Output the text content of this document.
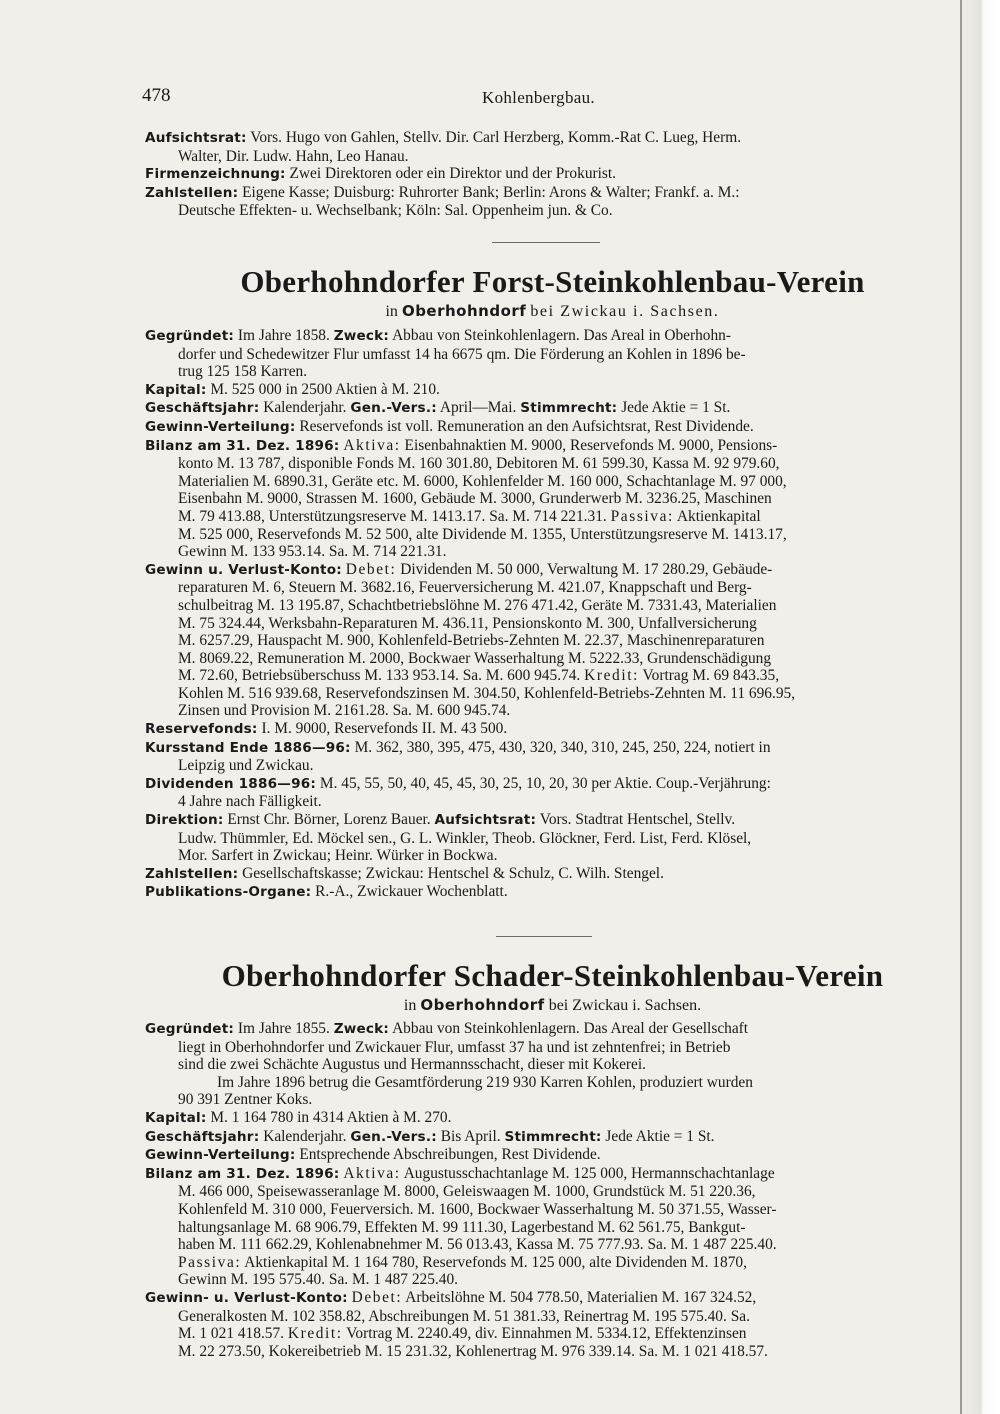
478	Kohlenbergbau.

Aufsichtsrat: Vors. Hugo von Gahlen, Stellv. Dir. Carl Herzberg, Komm.-Rat C. Lueg, Herm.

Walter, Dir. Ludw. Hahn, Leo Hanau.

Firmenzeichnung: Zwei Direktoren oder ein Direktor und der Prokurist.

Zahlstellen: Eigene Kasse; Duisburg: Ruhrorter Bank; Berlin: Arons & Walter; Frankf. a. M.:

Deutsche Effekten- u. Wechselbank; Köln: Sal. Oppenheim jun. & Co.

Oberhohndorfer Forst-Steinkohlenbau-Verein
in Oberhohndorf bei Zwickau i. Sachsen.

Gegründet: Im Jahre 1858. Zweck: Abbau von Steinkohlenlagern. Das Areal in Oberhohn-

dorfer und Schedewitzer Flur umfasst 14 ha 6675 qm. Die Förderung an Kohlen in 1896 be-

trug 125 158 Karren.

Kapital: M. 525 000 in 2500 Aktien à M. 210.

Geschäftsjahr: Kalenderjahr. Gen.-Vers.: April—Mai. Stimmrecht: Jede Aktie = 1 St.

Gewinn-Verteilung: Reservefonds ist voll. Remuneration an den Aufsichtsrat, Rest Dividende.

Bilanz am 31. Dez. 1896: Aktiva: Eisenbahnaktien M. 9000, Reservefonds M. 9000, Pensions-

konto M. 13 787, disponible Fonds M. 160 301.80, Debitoren M. 61 599.30, Kassa M. 92 979.60,

Materialien M. 6890.31, Geräte etc. M. 6000, Kohlenfelder M. 160 000, Schachtanlage M. 97 000,

Eisenbahn M. 9000, Strassen M. 1600, Gebäude M. 3000, Grunderwerb M. 3236.25, Maschinen

M. 79 413.88, Unterstützungsreserve M. 1413.17. Sa. M. 714 221.31. Passiva: Aktienkapital

M. 525 000, Reservefonds M. 52 500, alte Dividende M. 1355, Unterstützungsreserve M. 1413.17,

Gewinn M. 133 953.14. Sa. M. 714 221.31.

Gewinn u. Verlust-Konto: Debet: Dividenden M. 50 000, Verwaltung M. 17 280.29, Gebäude-

reparaturen M. 6, Steuern M. 3682.16, Feuerversicherung M. 421.07, Knappschaft und Berg-

schulbeitrag M. 13 195.87, Schachtbetriebslöhne M. 276 471.42, Geräte M. 7331.43, Materialien

M. 75 324.44, Werksbahn-Reparaturen M. 436.11, Pensionskonto M. 300, Unfallversicherung

M. 6257.29, Hauspacht M. 900, Kohlenfeld-Betriebs-Zehnten M. 22.37, Maschinenreparaturen

M. 8069.22, Remuneration M. 2000, Bockwaer Wasserhaltung M. 5222.33, Grundenschädigung

M. 72.60, Betriebsüberschuss M. 133 953.14. Sa. M. 600 945.74. Kredit: Vortrag M. 69 843.35,

Kohlen M. 516 939.68, Reservefondszinsen M. 304.50, Kohlenfeld-Betriebs-Zehnten M. 11 696.95,

Zinsen und Provision M. 2161.28. Sa. M. 600 945.74.

Reservefonds: I. M. 9000, Reservefonds II. M. 43 500.

Kursstand Ende 1886—96: M. 362, 380, 395, 475, 430, 320, 340, 310, 245, 250, 224, notiert in

Leipzig und Zwickau.

Dividenden 1886—96: M. 45, 55, 50, 40, 45, 45, 30, 25, 10, 20, 30 per Aktie. Coup.-Verjährung:

4 Jahre nach Fälligkeit.

Direktion: Ernst Chr. Börner, Lorenz Bauer. Aufsichtsrat: Vors. Stadtrat Hentschel, Stellv.

Ludw. Thümmler, Ed. Möckel sen., G. L. Winkler, Theob. Glöckner, Ferd. List, Ferd. Klösel,

Mor. Sarfert in Zwickau; Heinr. Würker in Bockwa.

Zahlstellen: Gesellschaftskasse; Zwickau: Hentschel & Schulz, C. Wilh. Stengel.

Publikations-Organe: R.-A., Zwickauer Wochenblatt.

Oberhohndorfer Schader-Steinkohlenbau-Verein
in Oberhohndorf bei Zwickau i. Sachsen.

Gegründet: Im Jahre 1855. Zweck: Abbau von Steinkohlenlagern. Das Areal der Gesellschaft

liegt in Oberhohndorfer und Zwickauer Flur, umfasst 37 ha und ist zehntenfrei; in Betrieb

sind die zwei Schächte Augustus und Hermannsschacht, dieser mit Kokerei.

Im Jahre 1896 betrug die Gesamtförderung 219 930 Karren Kohlen, produziert wurden

90 391 Zentner Koks.

Kapital: M. 1 164 780 in 4314 Aktien à M. 270.

Geschäftsjahr: Kalenderjahr. Gen.-Vers.: Bis April. Stimmrecht: Jede Aktie = 1 St.

Gewinn-Verteilung: Entsprechende Abschreibungen, Rest Dividende.

Bilanz am 31. Dez. 1896: Aktiva: Augustusschachtanlage M. 125 000, Hermannschachtanlage

M. 466 000, Speisewasseranlage M. 8000, Geleiswaagen M. 1000, Grundstück M. 51 220.36,

Kohlenfeld M. 310 000, Feuerversich. M. 1600, Bockwaer Wasserhaltung M. 50 371.55, Wasser-

haltungsanlage M. 68 906.79, Effekten M. 99 111.30, Lagerbestand M. 62 561.75, Bankgut-

haben M. 111 662.29, Kohlenabnehmer M. 56 013.43, Kassa M. 75 777.93. Sa. M. 1 487 225.40.

Passiva: Aktienkapital M. 1 164 780, Reservefonds M. 125 000, alte Dividenden M. 1870,

Gewinn M. 195 575.40. Sa. M. 1 487 225.40.

Gewinn- u. Verlust-Konto: Debet: Arbeitslöhne M. 504 778.50, Materialien M. 167 324.52,

Generalkosten M. 102 358.82, Abschreibungen M. 51 381.33, Reinertrag M. 195 575.40. Sa.

M. 1 021 418.57. Kredit: Vortrag M. 2240.49, div. Einnahmen M. 5334.12, Effektenzinsen

M. 22 273.50, Kokereibetrieb M. 15 231.32, Kohlenertrag M. 976 339.14. Sa. M. 1 021 418.57.
